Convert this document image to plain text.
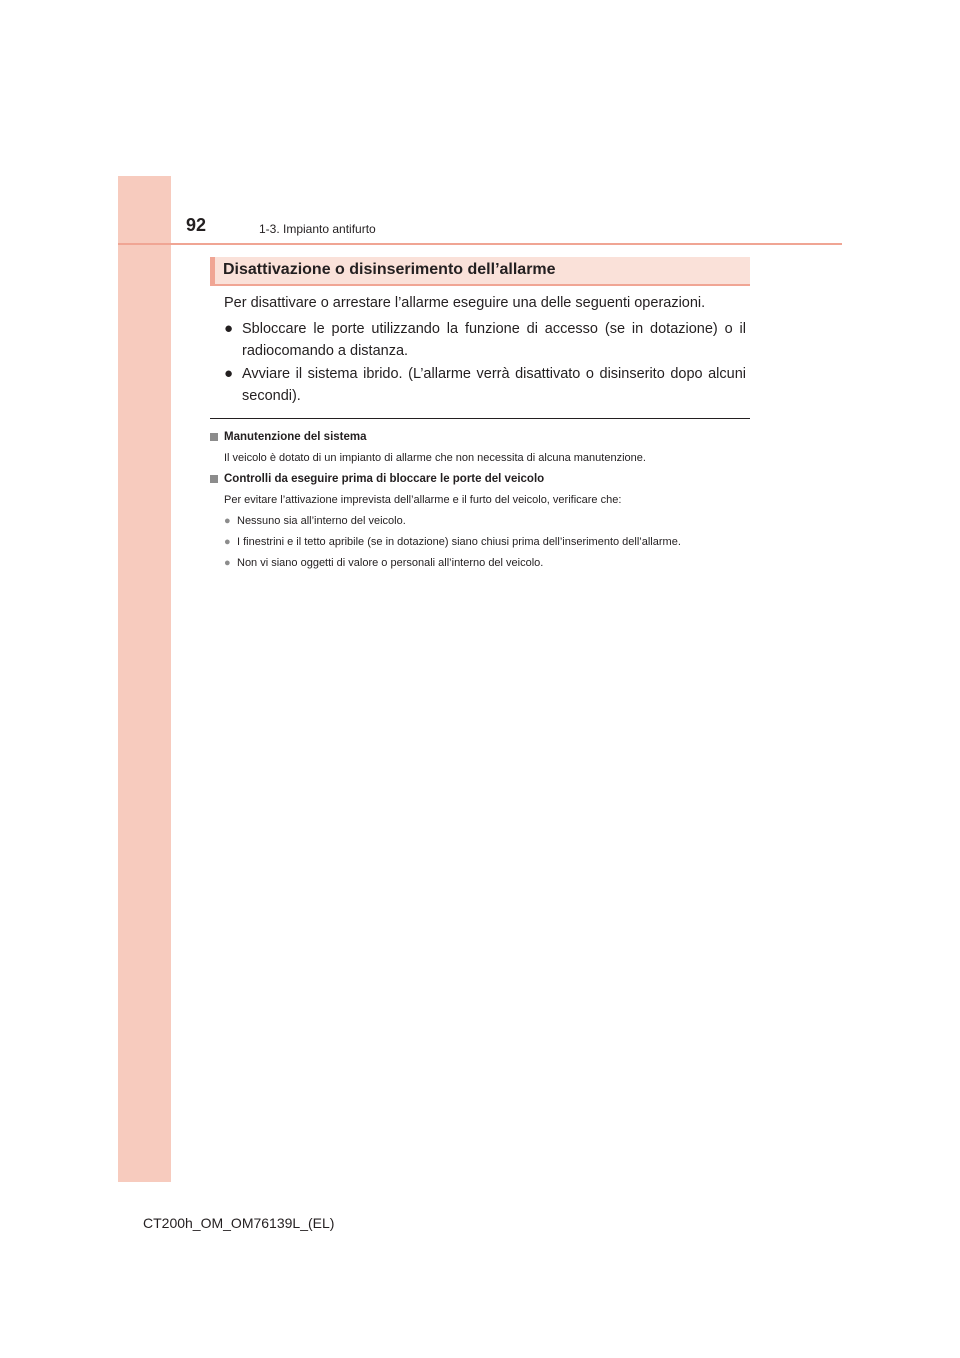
92	1-3. Impianto antifurto
Disattivazione o disinserimento dell’allarme

Per disattivare o arrestare l’allarme eseguire una delle seguenti operazioni.

● Sbloccare le porte utilizzando la funzione di accesso (se in dotazione) o il radiocomando a distanza.
● Avviare il sistema ibrido. (L’allarme verrà disattivato o disinserito dopo alcuni secondi).
Manutenzione del sistema
Il veicolo è dotato di un impianto di allarme che non necessita di alcuna manutenzione.
Controlli da eseguire prima di bloccare le porte del veicolo
Per evitare l’attivazione imprevista dell’allarme e il furto del veicolo, verificare che:
● Nessuno sia all’interno del veicolo.
● I finestrini e il tetto apribile (se in dotazione) siano chiusi prima dell’inserimento dell’allarme.
● Non vi siano oggetti di valore o personali all’interno del veicolo.
CT200h_OM_OM76139L_(EL)
